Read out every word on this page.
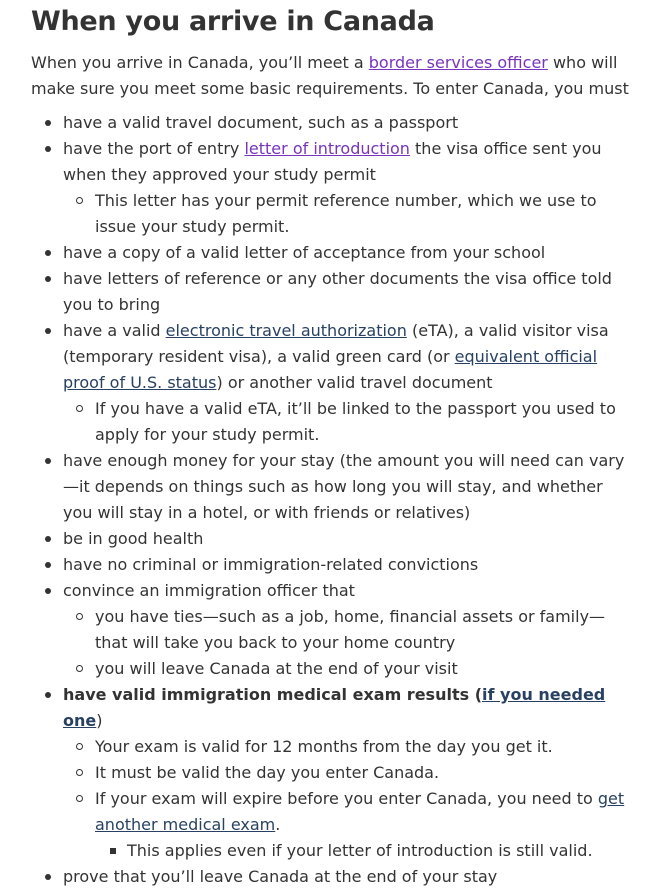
When you arrive in Canada

When you arrive in Canada, you’ll meet a border services officer who will make sure you meet some basic requirements. To enter Canada, you must

have a valid travel document, such as a passport
have the port of entry letter of introduction the visa office sent you when they approved your study permit
This letter has your permit reference number, which we use to issue your study permit.
have a copy of a valid letter of acceptance from your school
have letters of reference or any other documents the visa office told you to bring
have a valid electronic travel authorization (eTA), a valid visitor visa (temporary resident visa), a valid green card (or equivalent official proof of U.S. status) or another valid travel document
If you have a valid eTA, it’ll be linked to the passport you used to apply for your study permit.
have enough money for your stay (the amount you will need can vary—it depends on things such as how long you will stay, and whether you will stay in a hotel, or with friends or relatives)
be in good health
have no criminal or immigration-related convictions
convince an immigration officer that
you have ties—such as a job, home, financial assets or family—that will take you back to your home country
you will leave Canada at the end of your visit
have valid immigration medical exam results (if you needed one)
Your exam is valid for 12 months from the day you get it.
It must be valid the day you enter Canada.
If your exam will expire before you enter Canada, you need to get another medical exam.
This applies even if your letter of introduction is still valid.
prove that you’ll leave Canada at the end of your stay
